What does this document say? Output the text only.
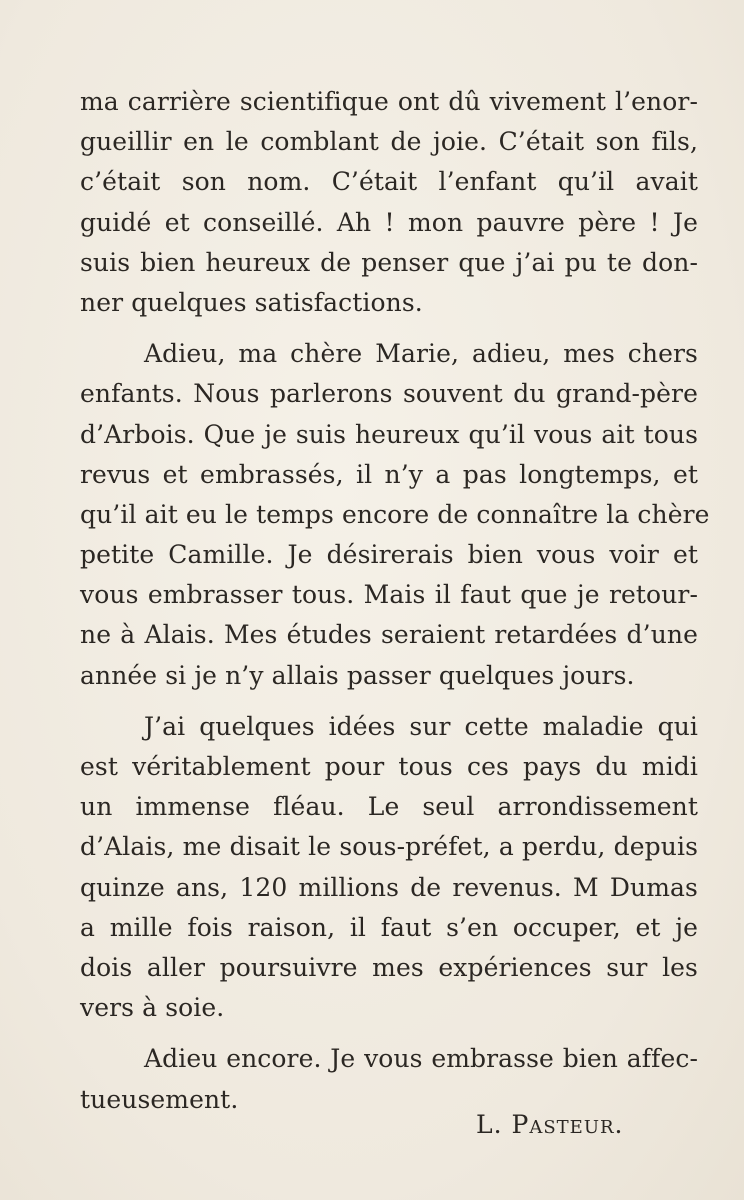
ma carrière scientifique ont dû vivement l’enor-
gueillir en le comblant de joie. C’était son fils,
c’était son nom. C’était l’enfant qu’il avait
guidé et conseillé. Ah ! mon pauvre père ! Je
suis bien heureux de penser que j’ai pu te don-
ner quelques satisfactions.
Adieu, ma chère Marie, adieu, mes chers
enfants. Nous parlerons souvent du grand-père
d’Arbois. Que je suis heureux qu’il vous ait tous
revus et embrassés, il n’y a pas longtemps, et
qu’il ait eu le temps encore de connaître la chère
petite Camille. Je désirerais bien vous voir et
vous embrasser tous. Mais il faut que je retour-
ne à Alais. Mes études seraient retardées d’une
année si je n’y allais passer quelques jours.
J’ai quelques idées sur cette maladie qui
est véritablement pour tous ces pays du midi
un immense fléau. Le seul arrondissement
d’Alais, me disait le sous-préfet, a perdu, depuis
quinze ans, 120 millions de revenus. M Dumas
a mille fois raison, il faut s’en occuper, et je
dois aller poursuivre mes expériences sur les
vers à soie.
Adieu encore. Je vous embrasse bien affec-
tueusement.
L. Pasteur.
